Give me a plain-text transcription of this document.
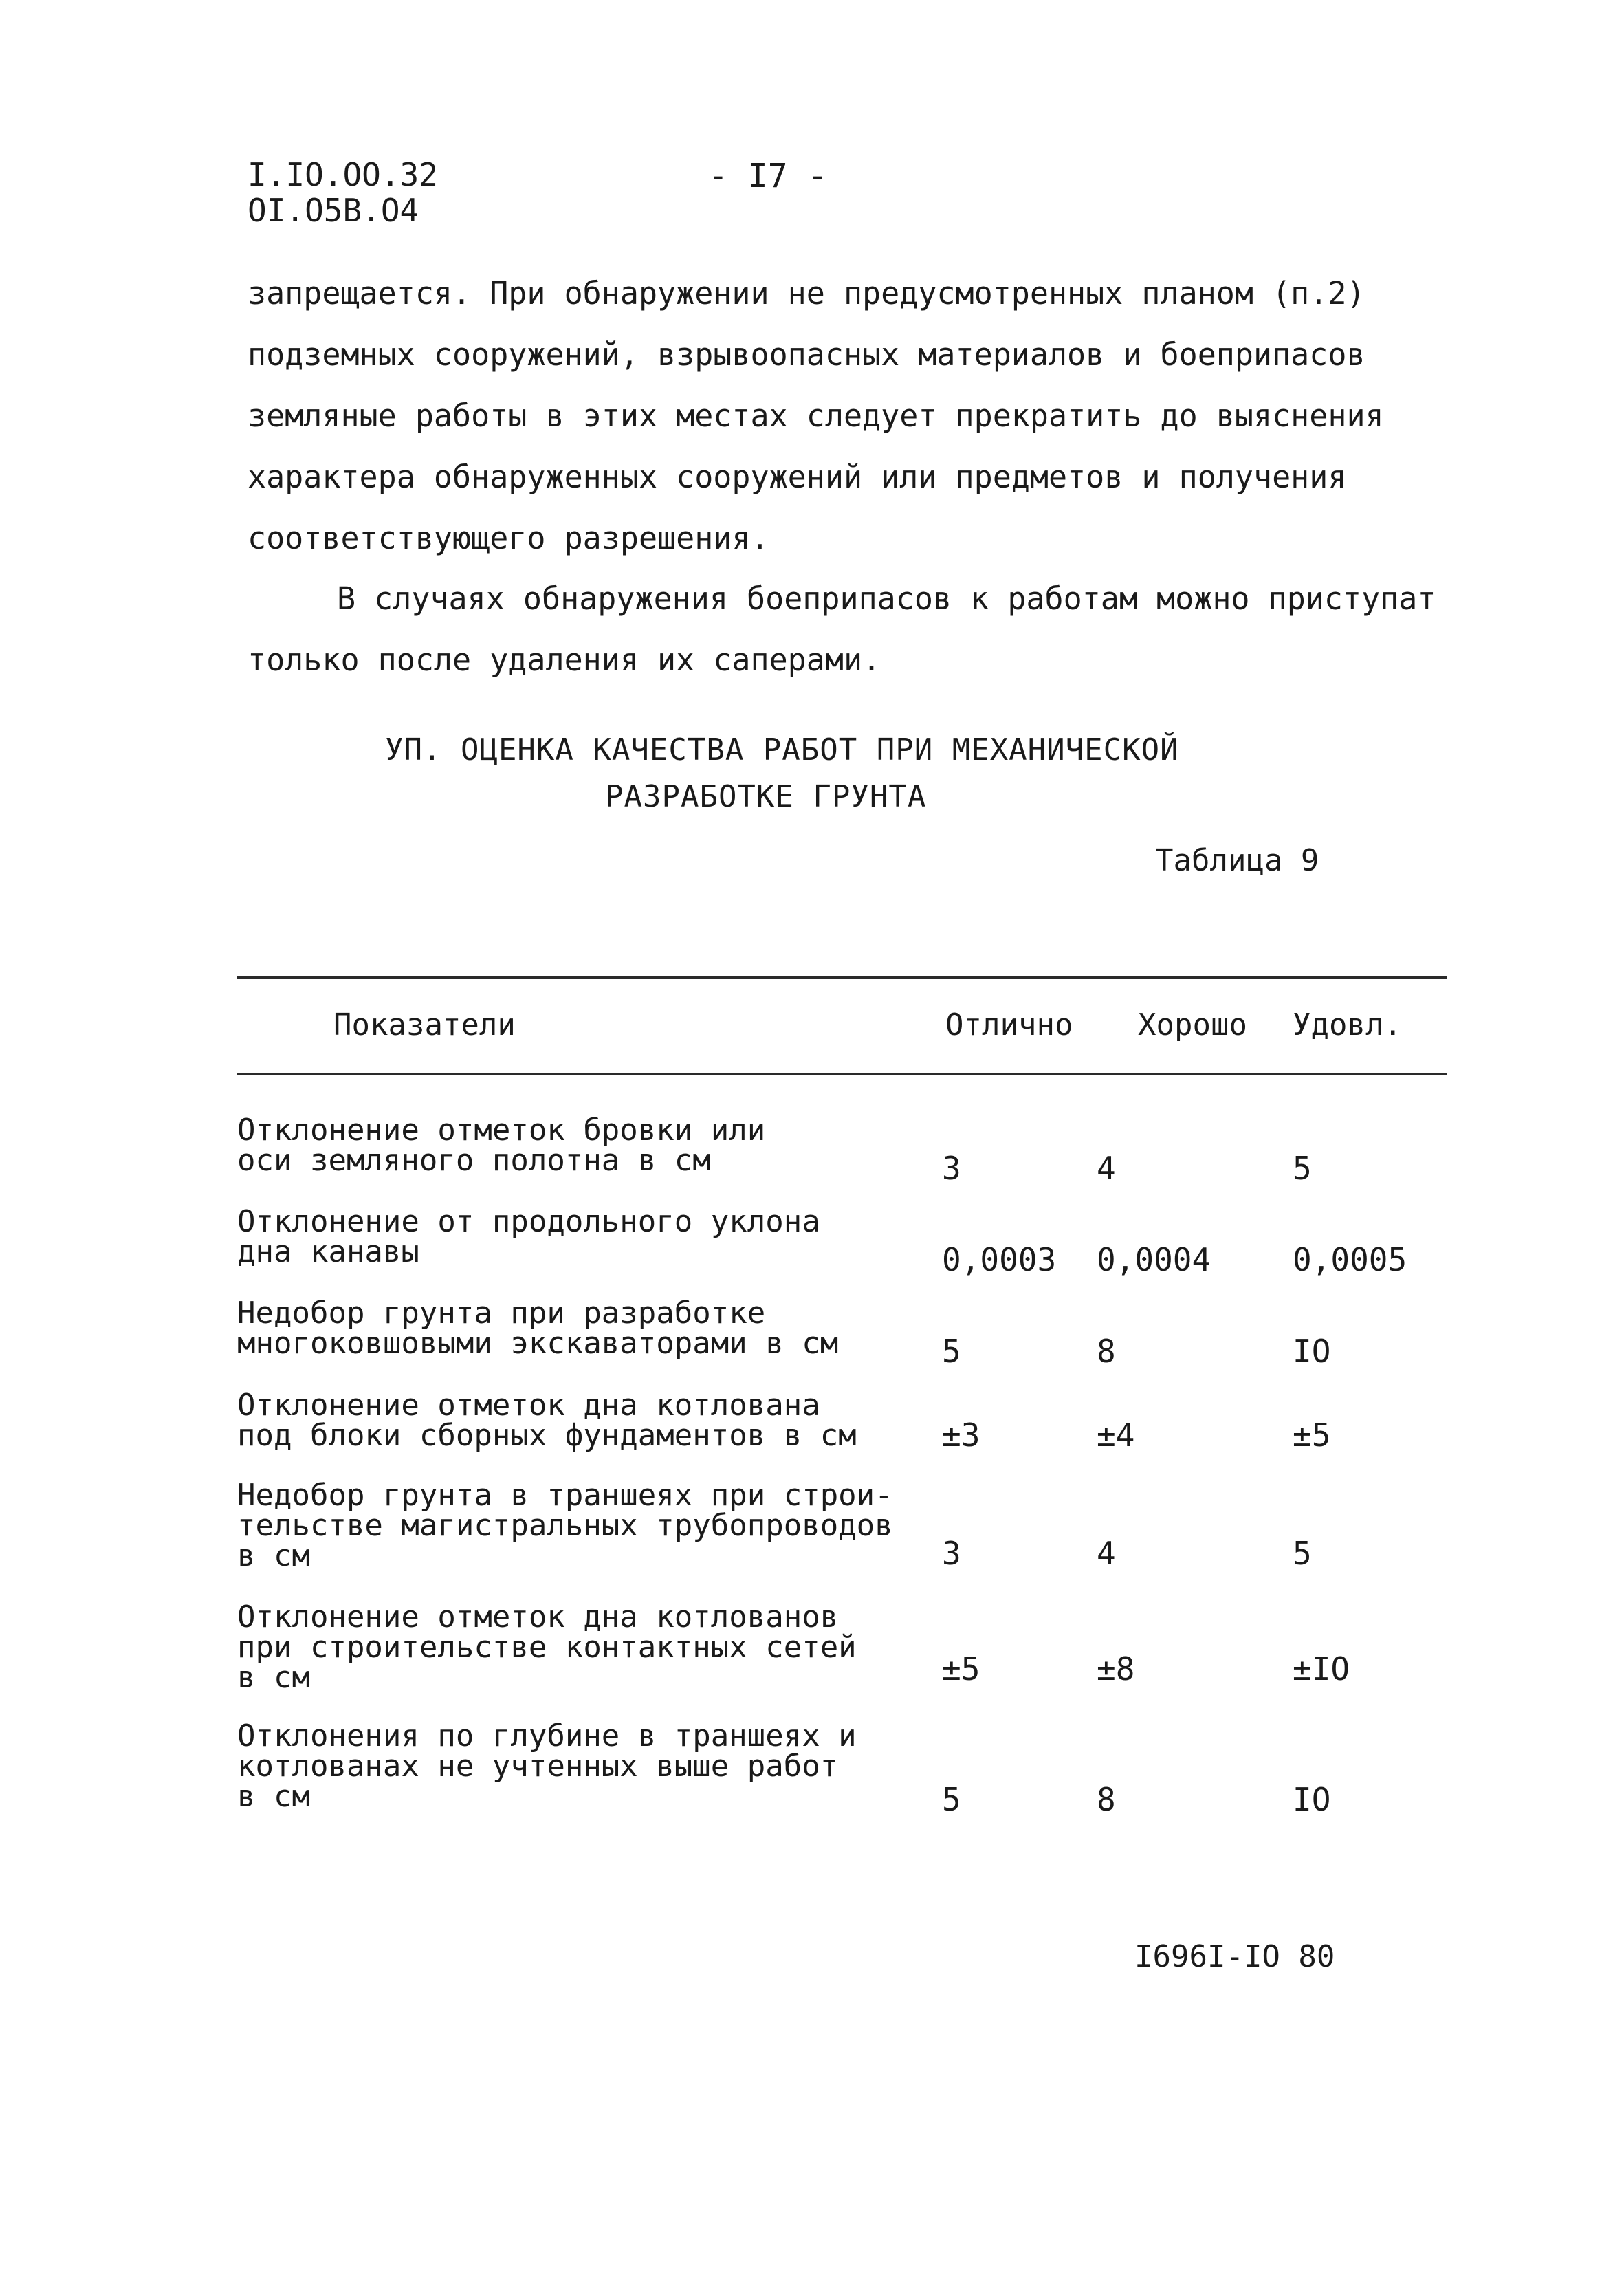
I.IO.OO.32
OI.O5B.O4
- I7 -
запрещается. При обнаружении не предусмотренных планом (п.2)
подземных сооружений, взрывоопасных материалов и боеприпасов
земляные работы в этих местах следует прекратить до выяснения
характера обнаруженных сооружений или предметов и получения
соответствующего разрешения.
В случаях обнаружения боеприпасов к работам можно приступат
только после удаления их саперами.
УП. ОЦЕНКА КАЧЕСТВА РАБОТ ПРИ МЕХАНИЧЕСКОЙ
РАЗРАБОТКЕ ГРУНТА
Таблица 9
Показатели	Отлично Хорошо Удовл.
Отклонение отметок бровки или
оси земляного полотна в см	3	4	5
Отклонение от продольного уклона
дна канавы	0,0003 0,0004	0,0005
Недобор грунта при разработке
многоковшовыми экскаваторами в см	5	8	IO
Отклонение отметок дна котлована
под блоки сборных фундаментов в см	±3	±4	±5
Недобор грунта в траншеях при строи-
тельстве магистральных трубопроводов
в см	3	4	5
Отклонение отметок дна котлованов
при строительстве контактных сетей
в см	±5	±8	±IO
Отклонения по глубине в траншеях и
котлованах не учтенных выше работ
в см	5	8	IO
I696I-IO 80
